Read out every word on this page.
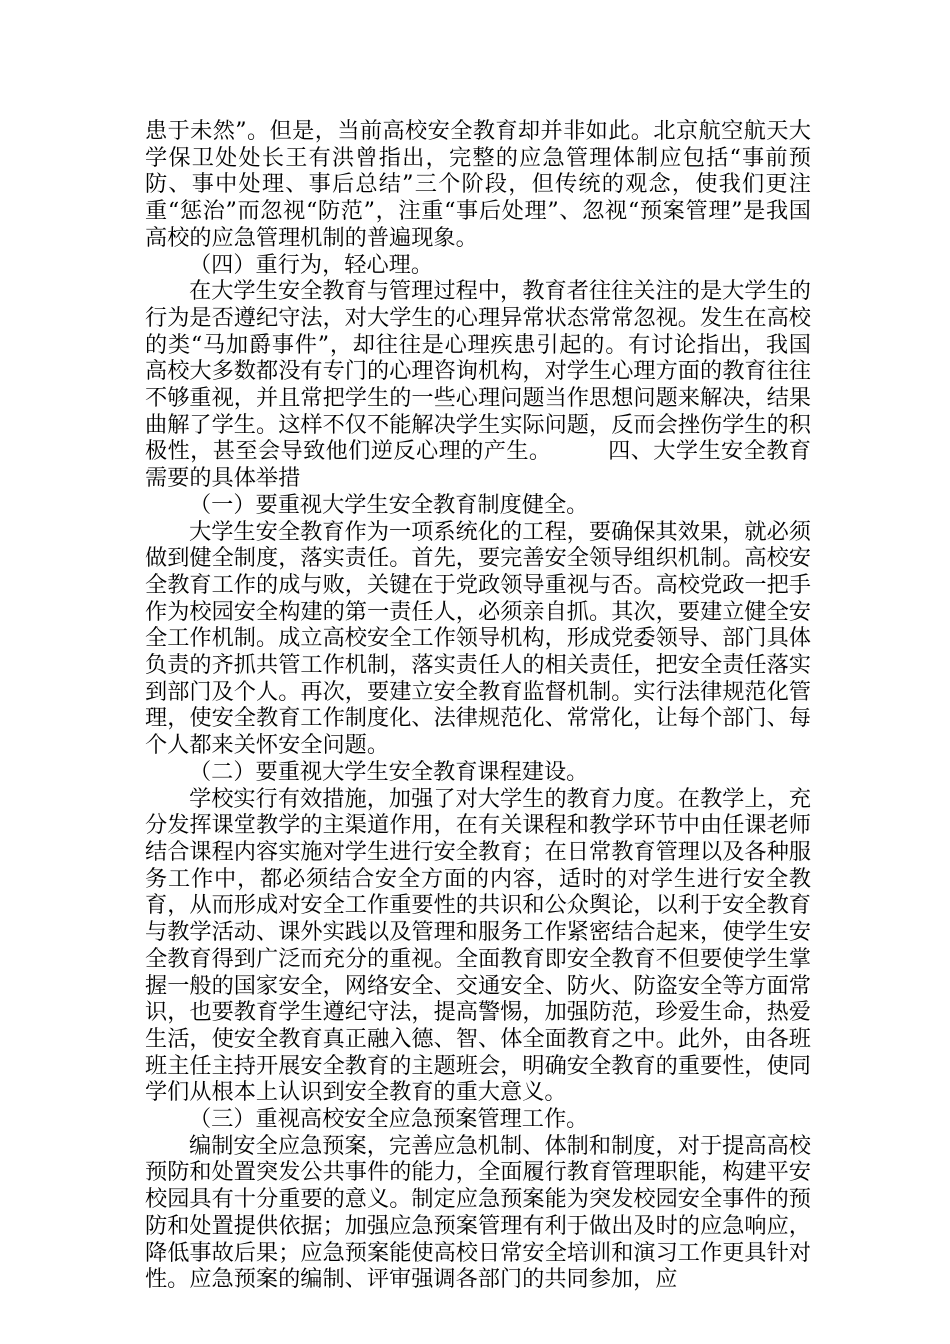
患于未然”。但是，当前高校安全教育却并非如此。北京航空航天大学保卫处处长王有洪曾指出，完整的应急管理体制应包括“事前预防、事中处理、事后总结”三个阶段，但传统的观念，使我们更注重“惩治”而忽视“防范”，注重“事后处理”、忽视“预案管理”是我国高校的应急管理机制的普遍现象。

（四）重行为，轻心理。

在大学生安全教育与管理过程中，教育者往往关注的是大学生的行为是否遵纪守法，对大学生的心理异常状态常常忽视。发生在高校的类“马加爵事件”，却往往是心理疾患引起的。有讨论指出，我国高校大多数都没有专门的心理咨询机构，对学生心理方面的教育往往不够重视，并且常把学生的一些心理问题当作思想问题来解决，结果曲解了学生。这样不仅不能解决学生实际问题，反而会挫伤学生的积极性，甚至会导致他们逆反心理的产生。　　　四、大学生安全教育需要的具体举措

（一）要重视大学生安全教育制度健全。

大学生安全教育作为一项系统化的工程，要确保其效果，就必须做到健全制度，落实责任。首先，要完善安全领导组织机制。高校安全教育工作的成与败，关键在于党政领导重视与否。高校党政一把手作为校园安全构建的第一责任人，必须亲自抓。其次，要建立健全安全工作机制。成立高校安全工作领导机构，形成党委领导、部门具体负责的齐抓共管工作机制，落实责任人的相关责任，把安全责任落实到部门及个人。再次，要建立安全教育监督机制。实行法律规范化管理，使安全教育工作制度化、法律规范化、常常化，让每个部门、每个人都来关怀安全问题。

（二）要重视大学生安全教育课程建设。

学校实行有效措施，加强了对大学生的教育力度。在教学上，充分发挥课堂教学的主渠道作用，在有关课程和教学环节中由任课老师结合课程内容实施对学生进行安全教育；在日常教育管理以及各种服务工作中，都必须结合安全方面的内容，适时的对学生进行安全教育，从而形成对安全工作重要性的共识和公众舆论，以利于安全教育与教学活动、课外实践以及管理和服务工作紧密结合起来，使学生安全教育得到广泛而充分的重视。全面教育即安全教育不但要使学生掌握一般的国家安全，网络安全、交通安全、防火、防盗安全等方面常识，也要教育学生遵纪守法，提高警惕，加强防范，珍爱生命，热爱生活，使安全教育真正融入德、智、体全面教育之中。此外，由各班班主任主持开展安全教育的主题班会，明确安全教育的重要性，使同学们从根本上认识到安全教育的重大意义。

（三）重视高校安全应急预案管理工作。

编制安全应急预案，完善应急机制、体制和制度，对于提高高校预防和处置突发公共事件的能力，全面履行教育管理职能，构建平安校园具有十分重要的意义。制定应急预案能为突发校园安全事件的预防和处置提供依据；加强应急预案管理有利于做出及时的应急响应，降低事故后果；应急预案能使高校日常安全培训和演习工作更具针对性。应急预案的编制、评审强调各部门的共同参加，应
